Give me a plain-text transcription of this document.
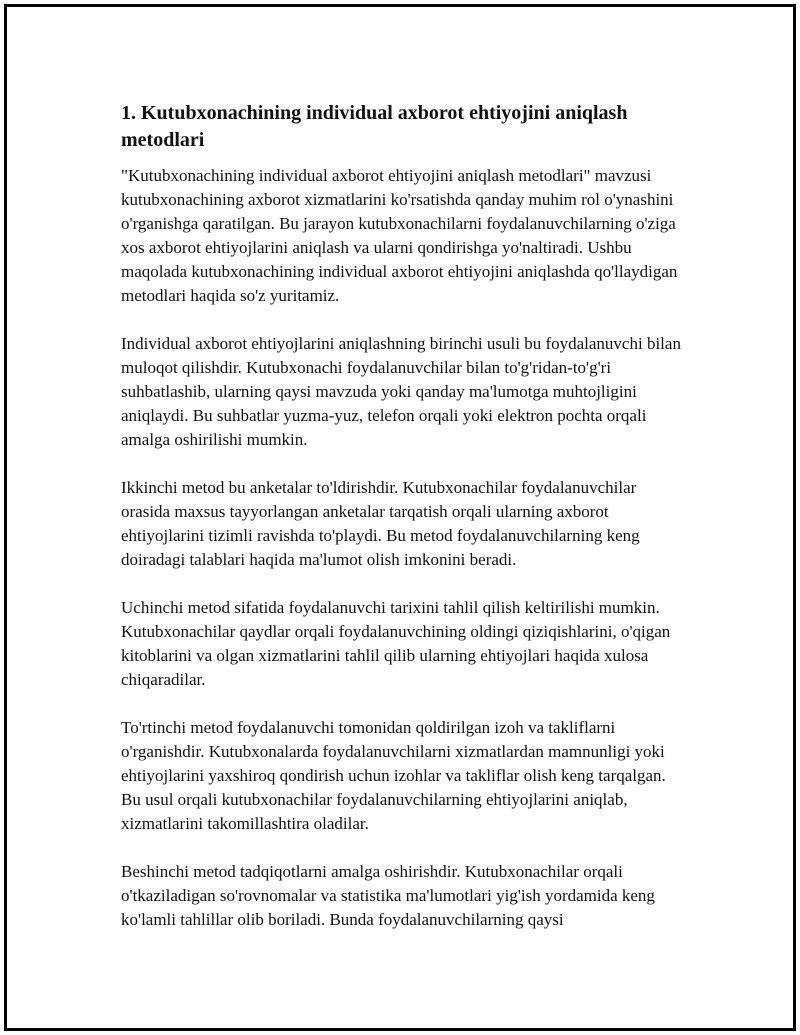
1. Kutubxonachining individual axborot ehtiyojini aniqlash metodlari

"Kutubxonachining individual axborot ehtiyojini aniqlash metodlari" mavzusi kutubxonachining axborot xizmatlarini ko'rsatishda qanday muhim rol o'ynashini o'rganishga qaratilgan. Bu jarayon kutubxonachilarni foydalanuvchilarning o'ziga xos axborot ehtiyojlarini aniqlash va ularni qondirishga yo'naltiradi. Ushbu maqolada kutubxonachining individual axborot ehtiyojini aniqlashda qo'llaydigan metodlari haqida so'z yuritamiz.

Individual axborot ehtiyojlarini aniqlashning birinchi usuli bu foydalanuvchi bilan muloqot qilishdir. Kutubxonachi foydalanuvchilar bilan to'g'ridan-to'g'ri suhbatlashib, ularning qaysi mavzuda yoki qanday ma'lumotga muhtojligini aniqlaydi. Bu suhbatlar yuzma-yuz, telefon orqali yoki elektron pochta orqali amalga oshirilishi mumkin.

Ikkinchi metod bu anketalar to'ldirishdir. Kutubxonachilar foydalanuvchilar orasida maxsus tayyorlangan anketalar tarqatish orqali ularning axborot ehtiyojlarini tizimli ravishda to'playdi. Bu metod foydalanuvchilarning keng doiradagi talablari haqida ma'lumot olish imkonini beradi.

Uchinchi metod sifatida foydalanuvchi tarixini tahlil qilish keltirilishi mumkin. Kutubxonachilar qaydlar orqali foydalanuvchining oldingi qiziqishlarini, o'qigan kitoblarini va olgan xizmatlarini tahlil qilib ularning ehtiyojlari haqida xulosa chiqaradilar.

To'rtinchi metod foydalanuvchi tomonidan qoldirilgan izoh va takliflarni o'rganishdir. Kutubxonalarda foydalanuvchilarni xizmatlardan mamnunligi yoki ehtiyojlarini yaxshiroq qondirish uchun izohlar va takliflar olish keng tarqalgan. Bu usul orqali kutubxonachilar foydalanuvchilarning ehtiyojlarini aniqlab, xizmatlarini takomillashtira oladilar.

Beshinchi metod tadqiqotlarni amalga oshirishdir. Kutubxonachilar orqali o'tkaziladigan so'rovnomalar va statistika ma'lumotlari yig'ish yordamida keng ko'lamli tahlillar olib boriladi. Bunda foydalanuvchilarning qaysi
